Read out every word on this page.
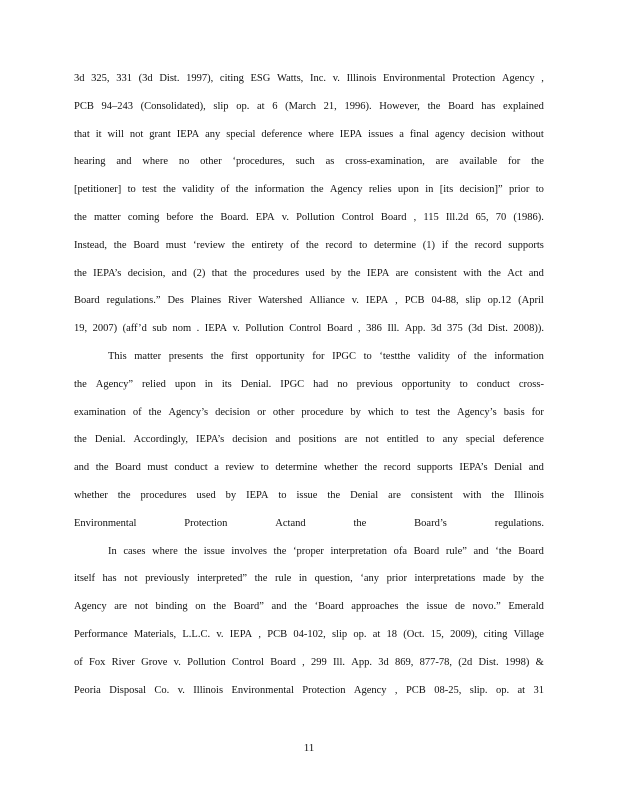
3d 325, 331 (3d Dist. 1997), citing ESG Watts, Inc. v. Illinois Environmental Protection Agency ,
PCB 94–243 (Consolidated), slip op. at 6 (March 21, 1996). However, the Board has explained
that it will not grant IEPA any special deference where IEPA issues a final agency decision without
hearing and where no other ‘procedures, such as cross-examination, are available for the
[petitioner] to test the validity of the information the Agency relies upon in [its decision]” prior to
the matter coming before the Board. EPA v. Pollution Control Board , 115 Ill.2d 65, 70 (1986).
Instead, the Board must ‘review the entirety of the record to determine (1) if the record supports
the IEPA’s decision, and (2) that the procedures used by the IEPA are consistent with the Act and
Board regulations.” Des Plaines River Watershed Alliance v. IEPA , PCB 04-88, slip op.12 (April
19, 2007) (aff’d sub nom . IEPA v. Pollution Control Board , 386 Ill. App. 3d 375 (3d Dist. 2008)).
This matter presents the first opportunity for IPGC to ‘testthe validity of the information
the Agency” relied upon in its Denial. IPGC had no previous opportunity to conduct cross-
examination of the Agency’s decision or other procedure by which to test the Agency’s basis for
the Denial. Accordingly, IEPA’s decision and positions are not entitled to any special deference
and the Board must conduct a review to determine whether the record supports IEPA’s Denial and
whether the procedures used by IEPA to issue the Denial are consistent with the Illinois
Environmental	Protection	Actand	the	Board’s	regulations.
In cases where the issue involves the ‘proper interpretation ofa Board rule” and ‘the Board
itself has not previously interpreted” the rule in question, ‘any prior interpretations made by the
Agency are not binding on the Board” and the ‘Board approaches the issue de novo.” Emerald
Performance Materials, L.L.C. v. IEPA , PCB 04-102, slip op. at 18 (Oct. 15, 2009), citing Village
of Fox River Grove v. Pollution Control Board , 299 Ill. App. 3d 869, 877-78, (2d Dist. 1998) &
Peoria Disposal Co. v. Illinois Environmental Protection Agency , PCB 08-25, slip. op. at 31
11
